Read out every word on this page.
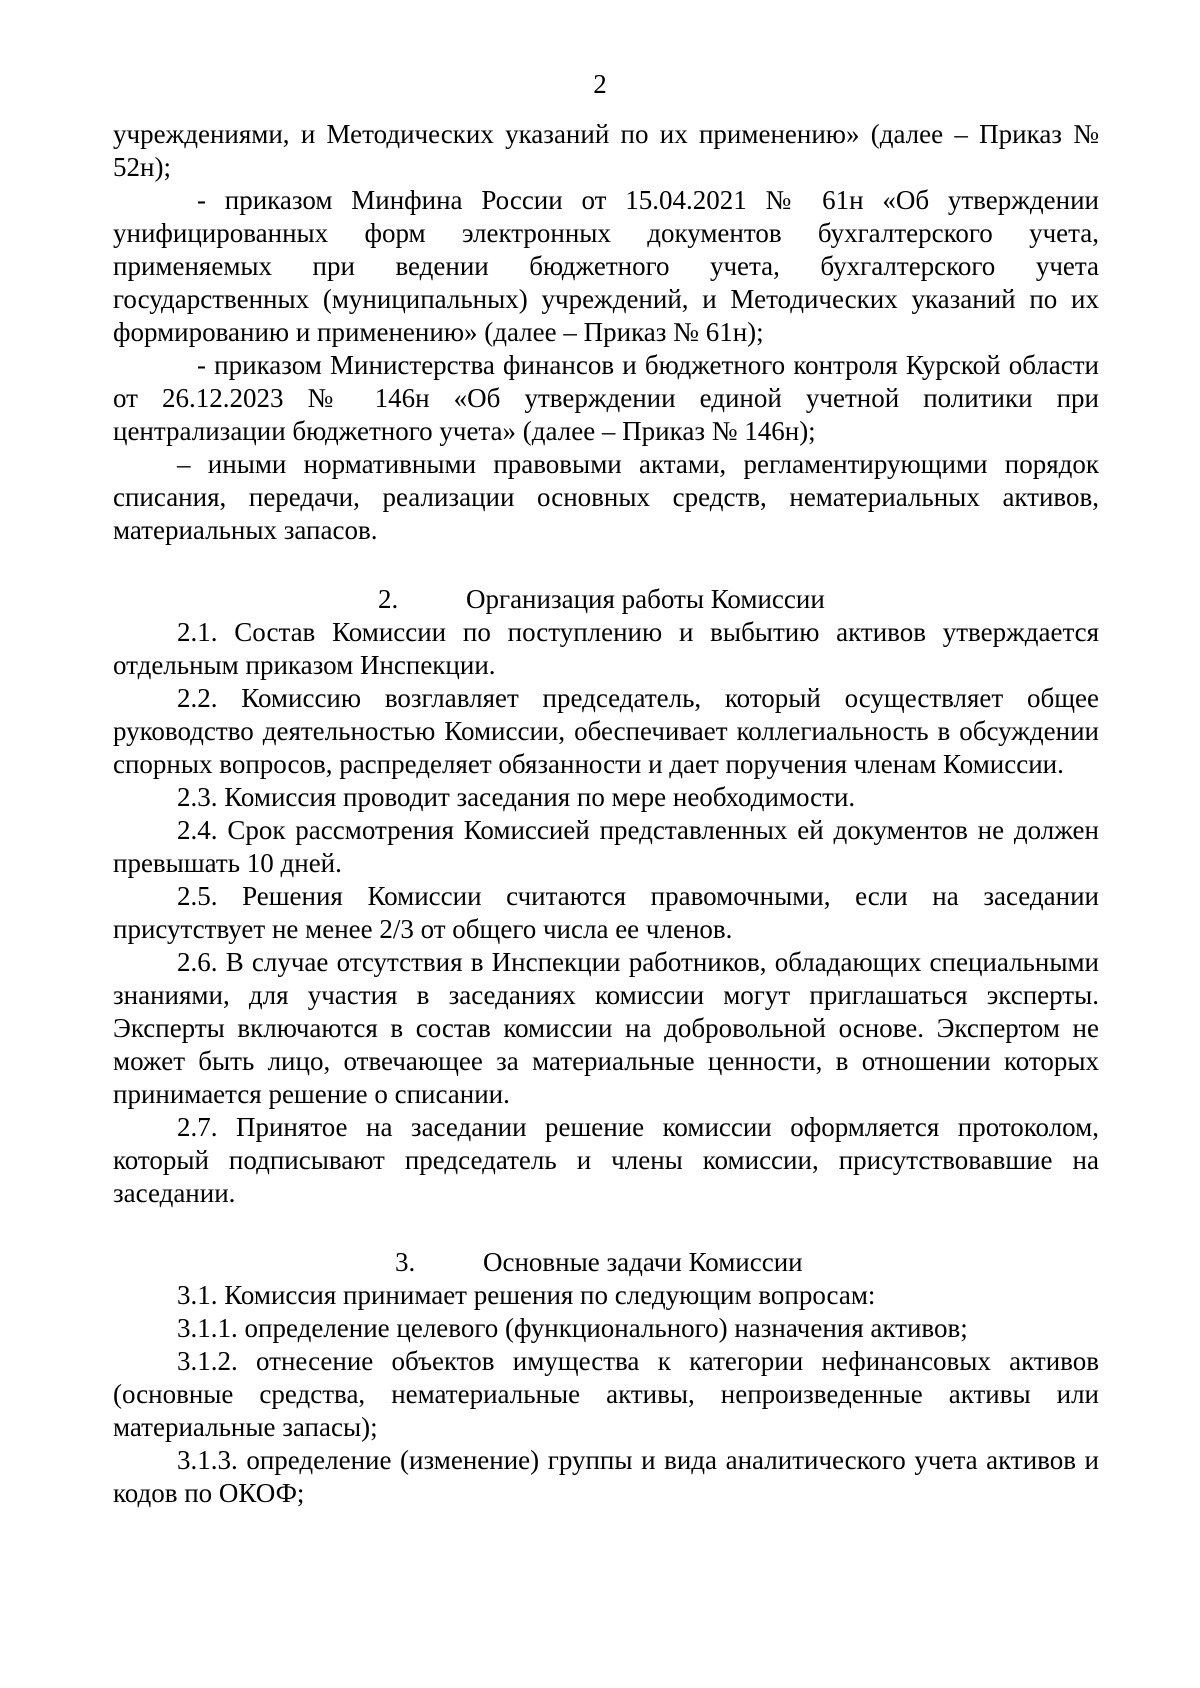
2

учреждениями, и Методических указаний по их применению» (далее – Приказ № 52н);

- приказом Минфина России от 15.04.2021 № 61н «Об утверждении унифицированных форм электронных документов бухгалтерского учета, применяемых при ведении бюджетного учета, бухгалтерского учета государственных (муниципальных) учреждений, и Методических указаний по их формированию и применению» (далее – Приказ № 61н);

- приказом Министерства финансов и бюджетного контроля Курской области от 26.12.2023 № 146н «Об утверждении единой учетной политики при централизации бюджетного учета» (далее – Приказ № 146н);

– иными нормативными правовыми актами, регламентирующими порядок списания, передачи, реализации основных средств, нематериальных активов, материальных запасов.

2.	Организация работы Комиссии

2.1. Состав Комиссии по поступлению и выбытию активов утверждается отдельным приказом Инспекции.

2.2. Комиссию возглавляет председатель, который осуществляет общее руководство деятельностью Комиссии, обеспечивает коллегиальность в обсуждении спорных вопросов, распределяет обязанности и дает поручения членам Комиссии.

2.3. Комиссия проводит заседания по мере необходимости.

2.4. Срок рассмотрения Комиссией представленных ей документов не должен превышать 10 дней.

2.5. Решения Комиссии считаются правомочными, если на заседании присутствует не менее 2/3 от общего числа ее членов.

2.6. В случае отсутствия в Инспекции работников, обладающих специальными знаниями, для участия в заседаниях комиссии могут приглашаться эксперты. Эксперты включаются в состав комиссии на добровольной основе. Экспертом не может быть лицо, отвечающее за материальные ценности, в отношении которых принимается решение о списании.

2.7. Принятое на заседании решение комиссии оформляется протоколом, который подписывают председатель и члены комиссии, присутствовавшие на заседании.

3.	Основные задачи Комиссии

3.1. Комиссия принимает решения по следующим вопросам:

3.1.1. определение целевого (функционального) назначения активов;

3.1.2. отнесение объектов имущества к категории нефинансовых активов (основные средства, нематериальные активы, непроизведенные активы или материальные запасы);

3.1.3. определение (изменение) группы и вида аналитического учета активов и кодов по ОКОФ;
